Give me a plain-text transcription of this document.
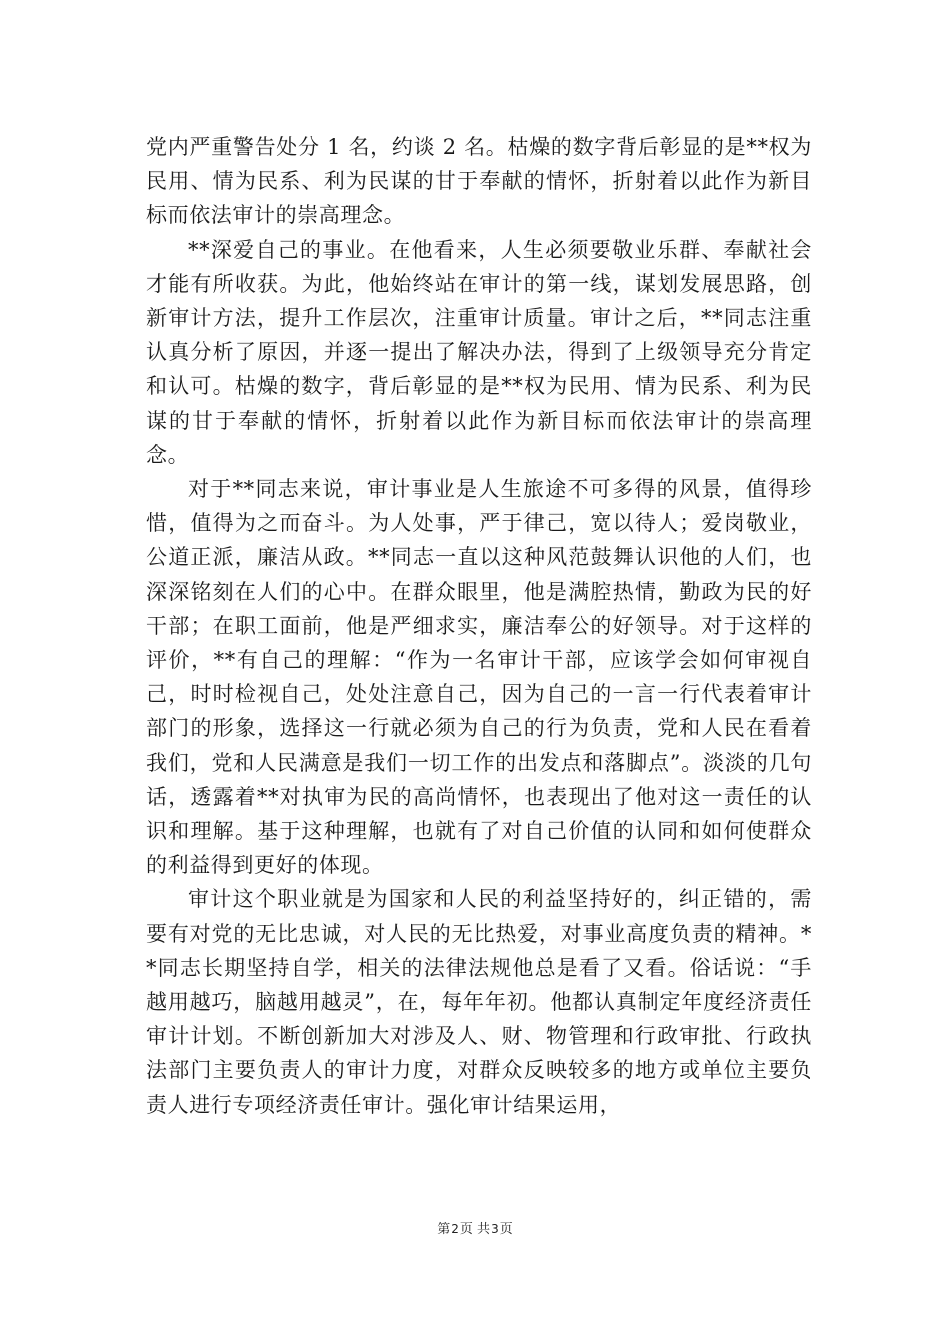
党内严重警告处分 1 名，约谈 2 名。枯燥的数字背后彰显的是**权为民用、情为民系、利为民谋的甘于奉献的情怀，折射着以此作为新目标而依法审计的崇高理念。

**深爱自己的事业。在他看来，人生必须要敬业乐群、奉献社会才能有所收获。为此，他始终站在审计的第一线，谋划发展思路，创新审计方法，提升工作层次，注重审计质量。审计之后，**同志注重认真分析了原因，并逐一提出了解决办法，得到了上级领导充分肯定和认可。枯燥的数字，背后彰显的是**权为民用、情为民系、利为民谋的甘于奉献的情怀，折射着以此作为新目标而依法审计的崇高理念。

对于**同志来说，审计事业是人生旅途不可多得的风景，值得珍惜，值得为之而奋斗。为人处事，严于律己，宽以待人；爱岗敬业，公道正派，廉洁从政。**同志一直以这种风范鼓舞认识他的人们，也深深铭刻在人们的心中。在群众眼里，他是满腔热情，勤政为民的好干部；在职工面前，他是严细求实，廉洁奉公的好领导。对于这样的评价，**有自己的理解：“作为一名审计干部，应该学会如何审视自己，时时检视自己，处处注意自己，因为自己的一言一行代表着审计部门的形象，选择这一行就必须为自己的行为负责，党和人民在看着我们，党和人民满意是我们一切工作的出发点和落脚点”。淡淡的几句话，透露着**对执审为民的高尚情怀，也表现出了他对这一责任的认识和理解。基于这种理解，也就有了对自己价值的认同和如何使群众的利益得到更好的体现。

审计这个职业就是为国家和人民的利益坚持好的，纠正错的，需要有对党的无比忠诚，对人民的无比热爱，对事业高度负责的精神。**同志长期坚持自学，相关的法律法规他总是看了又看。俗话说：“手越用越巧，脑越用越灵”，在，每年年初。他都认真制定年度经济责任审计计划。不断创新加大对涉及人、财、物管理和行政审批、行政执法部门主要负责人的审计力度，对群众反映较多的地方或单位主要负责人进行专项经济责任审计。强化审计结果运用，

第2页 共3页
